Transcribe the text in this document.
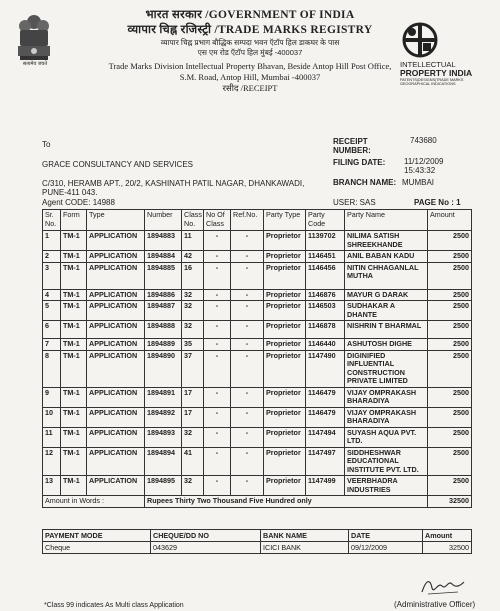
सत्यमेव जयते
भारत सरकार /GOVERNMENT OF INDIA
व्यापार चिह्न रजिस्ट्री /TRADE MARKS REGISTRY
व्यापार चिह्न प्रभाग बौद्धिक सम्पदा भवन ऍटॉप हिल डाकघर के पास
एस एम रोड ऍटॉप हिल मुंबई -400037
Trade Marks Division Intellectual Property Bhavan, Beside Antop Hill Post Office,
S.M. Road, Antop Hill, Mumbai -400037
रसीद /RECEIPT
INTELLECTUAL
PROPERTY INDIA
PATENTS|DESIGNS|TRADE MARKS GEOGRAPHICAL INDICATIONS
To
GRACE CONSULTANCY AND SERVICES
RECEIPT NUMBER:
743680
FILING DATE: 11/12/2009
15:43:32
BRANCH NAME: MUMBAI
C/310, HERAMB APT., 20/2, KASHINATH PATIL NAGAR, DHANKAWADI, PUNE-411 043.
Agent CODE: 14988	USER: SAS	PAGE No : 1
Sr. No.	Form	Type	Number	Class No.	No Of Class	Ref.No.	Party Type	Party Code	Party Name	Amount
1	TM-1	APPLICATION	1894883	11	-	-	Proprietor	1139702	NILIMA SATISH SHREEKHANDE	2500
2	TM-1	APPLICATION	1894884	42	-	-	Proprietor	1146451	ANIL BABAN KADU	2500
3	TM-1	APPLICATION	1894885	16	-	-	Proprietor	1146456	NITIN CHHAGANLAL MUTHA	2500
4	TM-1	APPLICATION	1894886	32	-	-	Proprietor	1146876	MAYUR G DARAK	2500
5	TM-1	APPLICATION	1894887	32	-	-	Proprietor	1146503	SUDHAKAR A DHANTE	2500
6	TM-1	APPLICATION	1894888	32	-	-	Proprietor	1146878	NISHRIN T BHARMAL	2500
7	TM-1	APPLICATION	1894889	35	-	-	Proprietor	1146440	ASHUTOSH DIGHE	2500
8	TM-1	APPLICATION	1894890	37	-	-	Proprietor	1147490	DIGINIFIED INFLUENTIAL CONSTRUCTION PRIVATE LIMITED	2500
9	TM-1	APPLICATION	1894891	17	-	-	Proprietor	1146479	VIJAY OMPRAKASH BHARADIYA	2500
10	TM-1	APPLICATION	1894892	17	-	-	Proprietor	1146479	VIJAY OMPRAKASH BHARADIYA	2500
11	TM-1	APPLICATION	1894893	32	-	-	Proprietor	1147494	SUYASH AQUA PVT. LTD.	2500
12	TM-1	APPLICATION	1894894	41	-	-	Proprietor	1147497	SIDDHESHWAR EDUCATIONAL INSTITUTE PVT. LTD.	2500
13	TM-1	APPLICATION	1894895	32	-	-	Proprietor	1147499	VEERBHADRA INDUSTRIES	2500
Amount in Words :			Rupees Thirty Two Thousand Five Hundred only							32500
PAYMENT MODE	CHEQUE/DD NO	BANK NAME	DATE	Amount
Cheque	043629	ICICI BANK	09/12/2009	32500
*Class 99 indicates As Multi class Application	(Administrative Officer)
